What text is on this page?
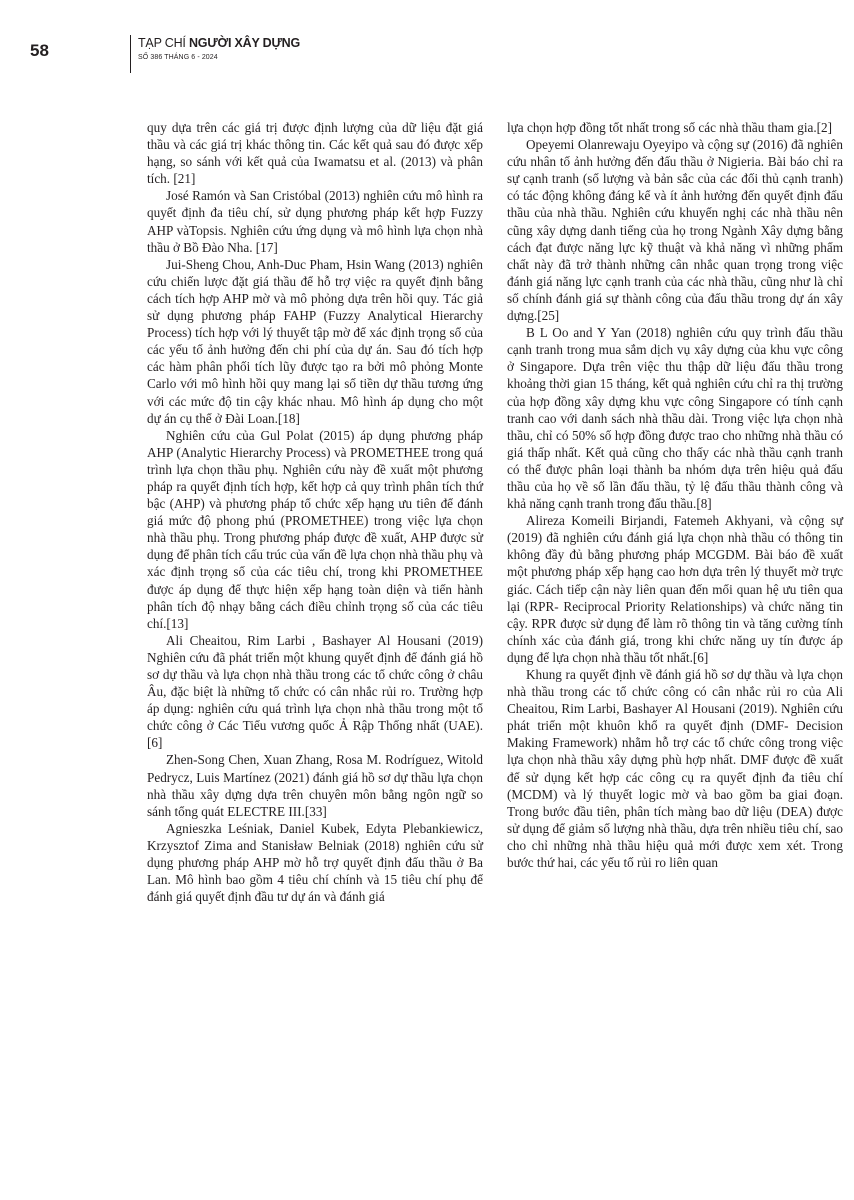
58	TẠP CHÍ NGƯỜI XÂY DỰNG
SỐ 386 THÁNG 6 - 2024

quy dựa trên các giá trị được định lượng của dữ liệu đặt giá thầu và các giá trị khác thông tin. Các kết quả sau đó được xếp hạng, so sánh với kết quả của Iwamatsu et al. (2013) và phân tích. [21]

José Ramón và San Cristóbal (2013) nghiên cứu mô hình ra quyết định đa tiêu chí, sử dụng phương pháp kết hợp Fuzzy AHP vàTopsis. Nghiên cứu ứng dụng và mô hình lựa chọn nhà thầu ở Bồ Đào Nha. [17]

Jui-Sheng Chou, Anh-Duc Pham, Hsin Wang (2013) nghiên cứu chiến lược đặt giá thầu để hỗ trợ việc ra quyết định bằng cách tích hợp AHP mờ và mô phỏng dựa trên hồi quy. Tác giả sử dụng phương pháp FAHP (Fuzzy Analytical Hierarchy Process) tích hợp với lý thuyết tập mờ để xác định trọng số của các yếu tố ảnh hưởng đến chi phí của dự án. Sau đó tích hợp các hàm phân phối tích lũy được tạo ra bởi mô phỏng Monte Carlo với mô hình hồi quy mang lại số tiền dự thầu tương ứng với các mức độ tin cậy khác nhau. Mô hình áp dụng cho một dự án cụ thể ở Đài Loan.[18]

Nghiên cứu của Gul Polat (2015) áp dụng phương pháp AHP (Analytic Hierarchy Process) và PROMETHEE trong quá trình lựa chọn thầu phụ. Nghiên cứu này đề xuất một phương pháp ra quyết định tích hợp, kết hợp cả quy trình phân tích thứ bậc (AHP) và phương pháp tổ chức xếp hạng ưu tiên để đánh giá mức độ phong phú (PROMETHEE) trong việc lựa chọn nhà thầu phụ. Trong phương pháp được đề xuất, AHP được sử dụng để phân tích cấu trúc của vấn đề lựa chọn nhà thầu phụ và xác định trọng số của các tiêu chí, trong khi PROMETHEE được áp dụng để thực hiện xếp hạng toàn diện và tiến hành phân tích độ nhạy bằng cách điều chỉnh trọng số của các tiêu chí.[13]

Ali Cheaitou, Rim Larbi , Bashayer Al Housani (2019) Nghiên cứu đã phát triển một khung quyết định để đánh giá hồ sơ dự thầu và lựa chọn nhà thầu trong các tổ chức công ở châu Âu, đặc biệt là những tổ chức có cân nhắc rủi ro. Trường hợp áp dụng: nghiên cứu quá trình lựa chọn nhà thầu trong một tổ chức công ở Các Tiểu vương quốc Ả Rập Thống nhất (UAE).[6]

Zhen-Song Chen, Xuan Zhang, Rosa M. Rodríguez, Witold Pedrycz, Luis Martínez (2021) đánh giá hồ sơ dự thầu lựa chọn nhà thầu xây dựng dựa trên chuyên môn bằng ngôn ngữ so sánh tổng quát ELECTRE III.[33]

Agnieszka Leśniak, Daniel Kubek, Edyta Plebankiewicz, Krzysztof Zima and Stanisław Belniak (2018) nghiên cứu sử dụng phương pháp AHP mờ hỗ trợ quyết định đấu thầu ở Ba Lan. Mô hình bao gồm 4 tiêu chí chính và 15 tiêu chí phụ để đánh giá quyết định đầu tư dự án và đánh giá

lựa chọn hợp đồng tốt nhất trong số các nhà thầu tham gia.[2]

Opeyemi Olanrewaju Oyeyipo và cộng sự (2016) đã nghiên cứu nhân tố ảnh hưởng đến đấu thầu ở Nigieria. Bài báo chỉ ra sự cạnh tranh (số lượng và bản sắc của các đối thủ cạnh tranh) có tác động không đáng kể và ít ảnh hưởng đến quyết định đấu thầu của nhà thầu. Nghiên cứu khuyến nghị các nhà thầu nên cũng xây dựng danh tiếng của họ trong Ngành Xây dựng bằng cách đạt được năng lực kỹ thuật và khả năng vì những phẩm chất này đã trở thành những cân nhắc quan trọng trong việc đánh giá năng lực cạnh tranh của các nhà thầu, cũng như là chỉ số chính đánh giá sự thành công của đấu thầu trong dự án xây dựng.[25]

B L Oo and Y Yan (2018) nghiên cứu quy trình đấu thầu cạnh tranh trong mua sắm dịch vụ xây dựng của khu vực công ở Singapore. Dựa trên việc thu thập dữ liệu đấu thầu trong khoảng thời gian 15 tháng, kết quả nghiên cứu chỉ ra thị trường của hợp đồng xây dựng khu vực công Singapore có tính cạnh tranh cao với danh sách nhà thầu dài. Trong việc lựa chọn nhà thầu, chỉ có 50% số hợp đồng được trao cho những nhà thầu có giá thấp nhất. Kết quả cũng cho thấy các nhà thầu cạnh tranh có thể được phân loại thành ba nhóm dựa trên hiệu quả đấu thầu của họ về số lần đấu thầu, tỷ lệ đấu thầu thành công và khả năng cạnh tranh trong đấu thầu.[8]

Alireza Komeili Birjandi, Fatemeh Akhyani, và cộng sự (2019) đã nghiên cứu đánh giá lựa chọn nhà thầu có thông tin không đầy đủ bằng phương pháp MCGDM. Bài báo đề xuất một phương pháp xếp hạng cao hơn dựa trên lý thuyết mờ trực giác. Cách tiếp cận này liên quan đến mối quan hệ ưu tiên qua lại (RPR- Reciprocal Priority Relationships) và chức năng tin cậy. RPR được sử dụng để làm rõ thông tin và tăng cường tính chính xác của đánh giá, trong khi chức năng uy tín được áp dụng để lựa chọn nhà thầu tốt nhất.[6]

Khung ra quyết định về đánh giá hồ sơ dự thầu và lựa chọn nhà thầu trong các tổ chức công có cân nhắc rủi ro của Ali Cheaitou, Rim Larbi, Bashayer Al Housani (2019). Nghiên cứu phát triển một khuôn khổ ra quyết định (DMF- Decision Making Framework) nhằm hỗ trợ các tổ chức công trong việc lựa chọn nhà thầu xây dựng phù hợp nhất. DMF được đề xuất để sử dụng kết hợp các công cụ ra quyết định đa tiêu chí (MCDM) và lý thuyết logic mờ và bao gồm ba giai đoạn. Trong bước đầu tiên, phân tích màng bao dữ liệu (DEA) được sử dụng để giảm số lượng nhà thầu, dựa trên nhiều tiêu chí, sao cho chỉ những nhà thầu hiệu quả mới được xem xét. Trong bước thứ hai, các yếu tố rủi ro liên quan
